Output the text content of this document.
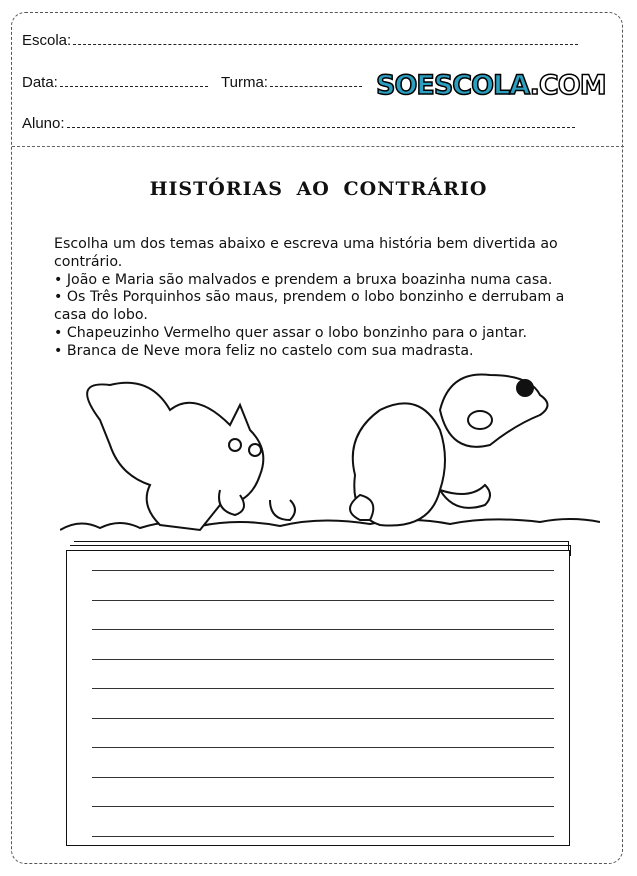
Escola:
Data:	Turma:	SOESCOLA.COM
Aluno:
HISTÓRIAS AO CONTRÁRIO

Escolha um dos temas abaixo e escreva uma história bem divertida ao contrário.

• João e Maria são malvados e prendem a bruxa boazinha numa casa.

• Os Três Porquinhos são maus, prendem o lobo bonzinho e derrubam a casa do lobo.

• Chapeuzinho Vermelho quer assar o lobo bonzinho para o jantar.

• Branca de Neve mora feliz no castelo com sua madrasta.
